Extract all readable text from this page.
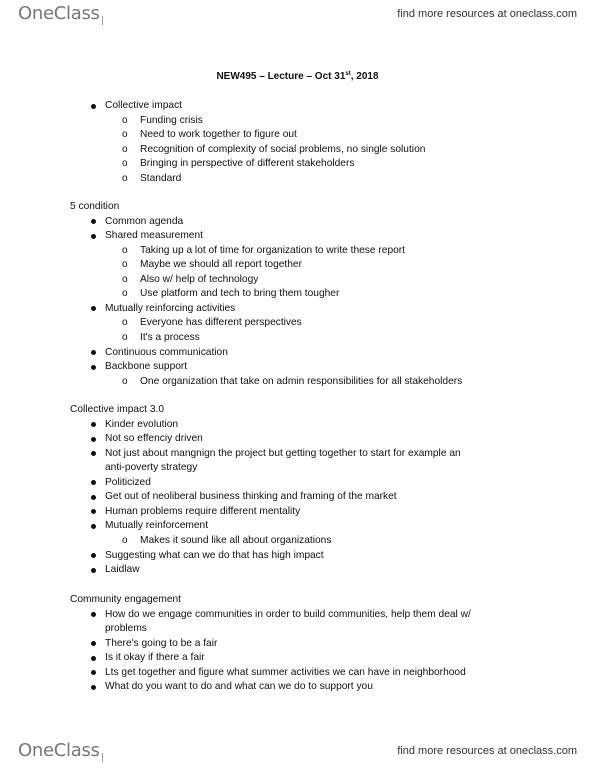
OneClass	find more resources at oneclass.com
NEW495 – Lecture – Oct 31st, 2018
Collective impact
o Funding crisis
o Need to work together to figure out
o Recognition of complexity of social problems, no single solution
o Bringing in perspective of different stakeholders
o Standard
5 condition
Common agenda
Shared measurement
o Taking up a lot of time for organization to write these report
o Maybe we should all report together
o Also w/ help of technology
o Use platform and tech to bring them tougher
Mutually reinforcing activities
o Everyone has different perspectives
o It's a process
Continuous communication
Backbone support
o One organization that take on admin responsibilities for all stakeholders
Collective impact 3.0
Kinder evolution
Not so effenciy driven
Not just about mangnign the project but getting together to start for example an
anti-poverty strategy
Politicized
Get out of neoliberal business thinking and framing of the market
Human problems require different mentality
Mutually reinforcement
o Makes it sound like all about organizations
Suggesting what can we do that has high impact
Laidlaw
Community engagement
How do we engage communities in order to build communities, help them deal w/
problems
There's going to be a fair
Is it okay if there a fair
Lts get together and figure what summer activities we can have in neighborhood
What do you want to do and what can we do to support you
OneClass	find more resources at oneclass.com
